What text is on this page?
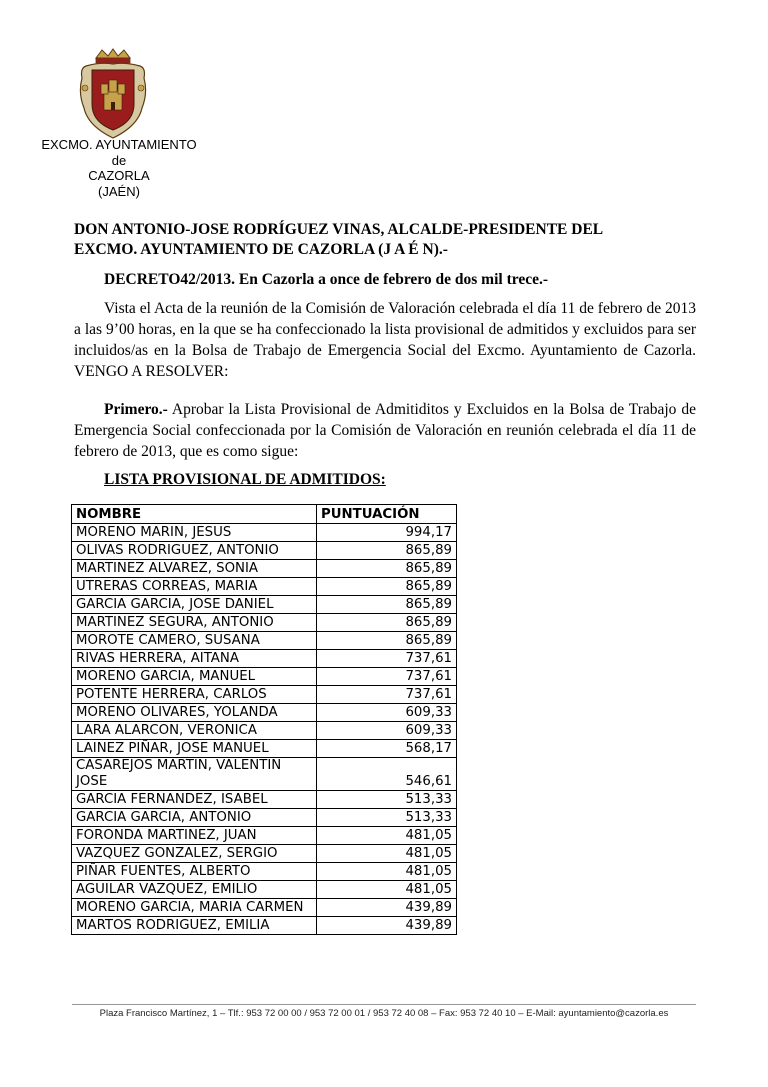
EXCMO. AYUNTAMIENTO
de
CAZORLA
(JAÉN)
DON ANTONIO-JOSE RODRÍGUEZ VINAS, ALCALDE-PRESIDENTE DEL
EXCMO. AYUNTAMIENTO DE CAZORLA (J A É N).-
DECRETO42/2013. En Cazorla a once de febrero de dos mil trece.-
Vista el Acta de la reunión de la Comisión de Valoración celebrada el día 11 de febrero de 2013 a las 9’00 horas, en la que se ha confeccionado la lista provisional de admitidos y excluidos para ser incluidos/as en la Bolsa de Trabajo de Emergencia Social del Excmo. Ayuntamiento de Cazorla. VENGO A RESOLVER:
Primero.- Aprobar la Lista Provisional de Admitiditos y Excluidos en la Bolsa de Trabajo de Emergencia Social confeccionada por la Comisión de Valoración en reunión celebrada el día 11 de febrero de 2013, que es como sigue:
LISTA PROVISIONAL DE ADMITIDOS:
NOMBRE	PUNTUACIÓN
MORENO MARIN, JESUS	994,17
OLIVAS RODRIGUEZ, ANTONIO	865,89
MARTINEZ ALVAREZ, SONIA	865,89
UTRERAS CORREAS, MARIA	865,89
GARCIA GARCIA, JOSE DANIEL	865,89
MARTINEZ SEGURA, ANTONIO	865,89
MOROTE CAMERO, SUSANA	865,89
RIVAS HERRERA, AITANA	737,61
MORENO GARCIA, MANUEL	737,61
POTENTE HERRERA, CARLOS	737,61
MORENO OLIVARES, YOLANDA	609,33
LARA ALARCON, VERONICA	609,33
LAINEZ PIÑAR, JOSE MANUEL	568,17
CASAREJOS MARTIN, VALENTIN JOSE	546,61
GARCIA FERNANDEZ, ISABEL	513,33
GARCIA GARCIA, ANTONIO	513,33
FORONDA MARTINEZ, JUAN	481,05
VAZQUEZ GONZALEZ, SERGIO	481,05
PIÑAR FUENTES, ALBERTO	481,05
AGUILAR VAZQUEZ, EMILIO	481,05
MORENO GARCIA, MARIA CARMEN	439,89
MARTOS RODRIGUEZ, EMILIA	439,89
Plaza Francisco Martínez, 1 – Tlf.: 953 72 00 00 / 953 72 00 01 / 953 72 40 08 – Fax: 953 72 40 10 – E-Mail: ayuntamiento@cazorla.es
